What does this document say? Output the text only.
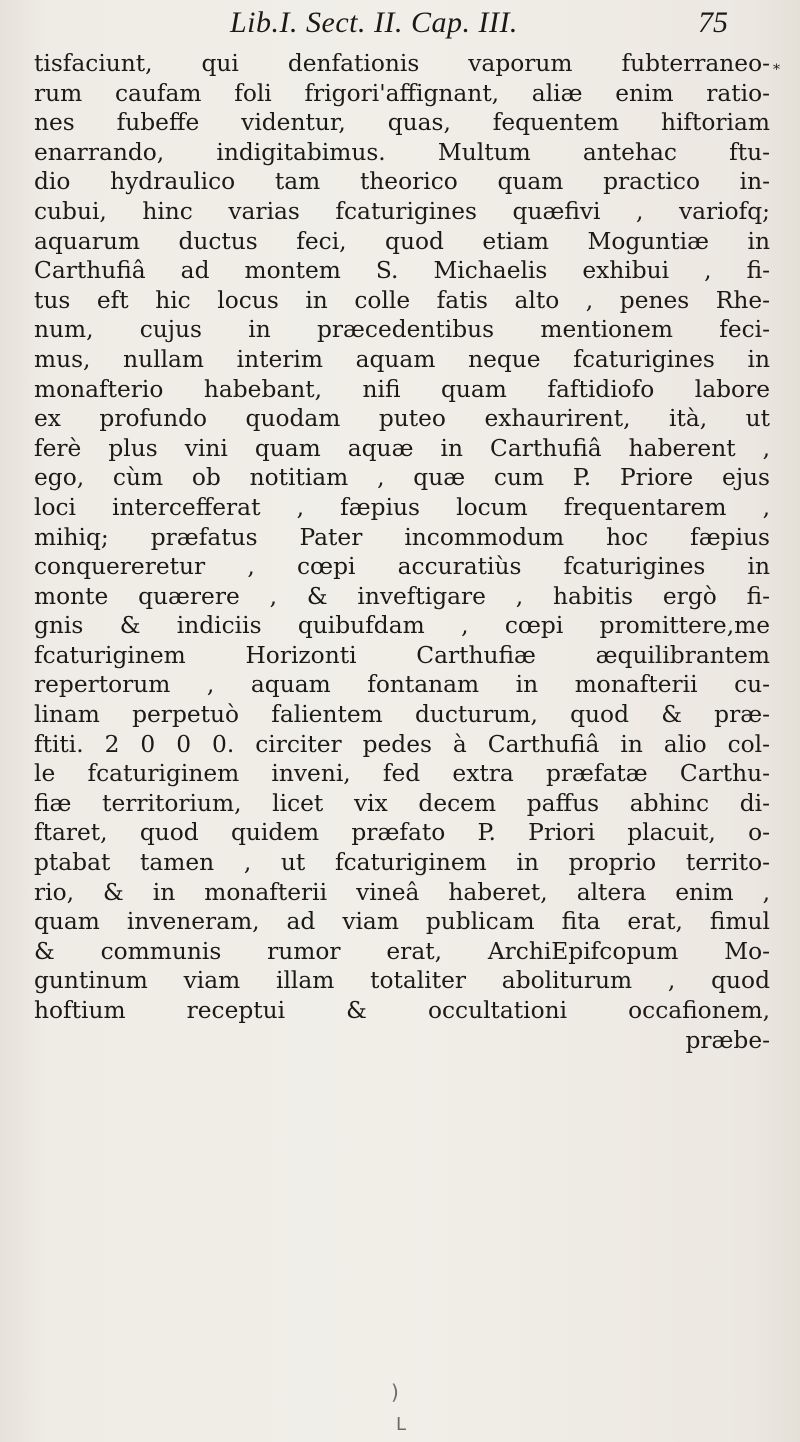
Lib.I. Sect. II. Cap. III.	75
*
tisfaciunt, qui denfationis vaporum fubterraneo-
rum caufam foli frigori'affignant, aliæ enim ratio-
nes fubeffe videntur, quas, fequentem hiftoriam
enarrando, indigitabimus. Multum antehac ftu-
dio hydraulico tam theorico quam practico in-
cubui, hinc varias fcaturigines quæfivi , variofq;
aquarum ductus feci, quod etiam Moguntiæ in
Carthufiâ ad montem S. Michaelis exhibui , fi-
tus eft hic locus in colle fatis alto , penes Rhe-
num, cujus in præcedentibus mentionem feci-
mus, nullam interim aquam neque fcaturigines in
monafterio habebant, nifi quam faftidiofo labore
ex profundo quodam puteo exhaurirent, ità, ut
ferè plus vini quam aquæ in Carthufiâ haberent ,
ego, cùm ob notitiam , quæ cum P. Priore ejus
loci intercefferat , fæpius locum frequentarem ,
mihiq; præfatus Pater incommodum hoc fæpius
conquereretur , cœpi accuratiùs fcaturigines in
monte quærere , & inveftigare , habitis ergò fi-
gnis & indiciis quibufdam , cœpi promittere,me
fcaturiginem Horizonti Carthufiæ æquilibrantem
repertorum , aquam fontanam in monafterii cu-
linam perpetuò falientem ducturum, quod & præ-
ftiti. 2 0 0 0. circiter pedes à Carthufiâ in alio col-
le fcaturiginem inveni, fed extra præfatæ Carthu-
fiæ territorium, licet vix decem paffus abhinc di-
ftaret, quod quidem præfato P. Priori placuit, o-
ptabat tamen , ut fcaturiginem in proprio territo-
rio, & in monafterii vineâ haberet, altera enim ,
quam inveneram, ad viam publicam fita erat, fimul
& communis rumor erat, ArchiEpifcopum Mo-
guntinum viam illam totaliter aboliturum , quod
hoftium receptui & occultationi occafionem,
præbe-
)
L
